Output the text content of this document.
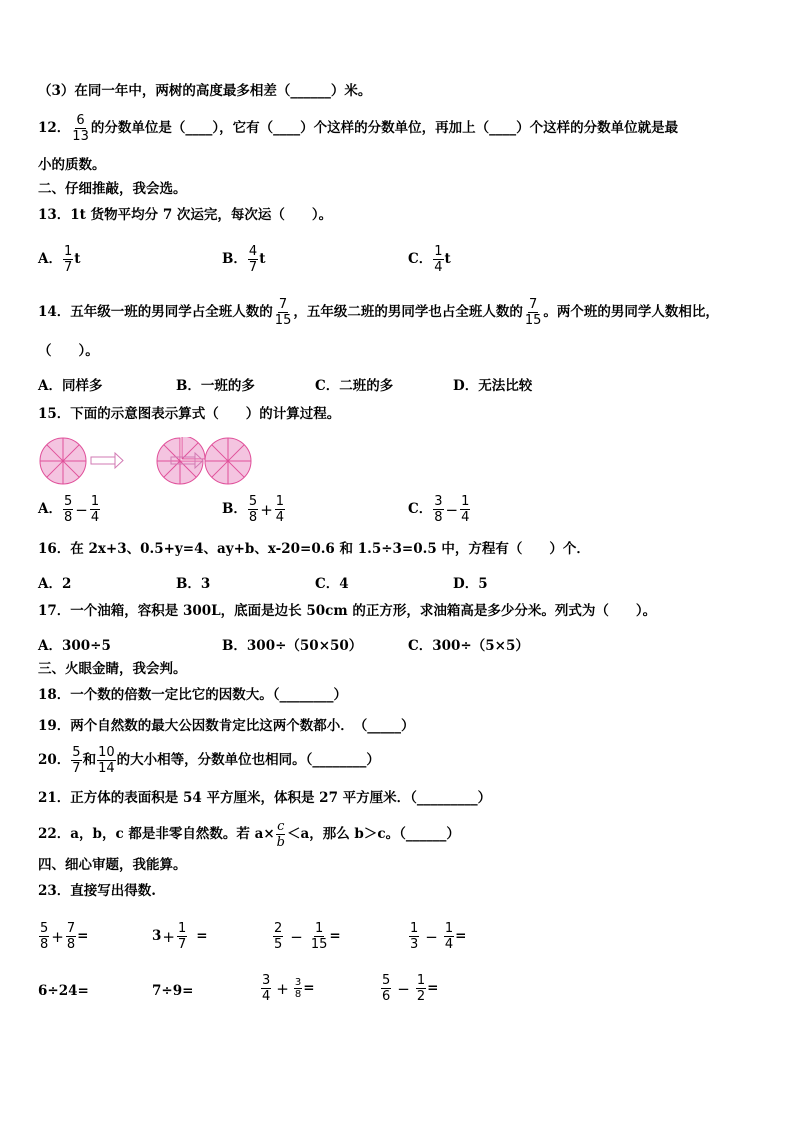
（3）在同一年中，两树的高度最多相差（______）米。
12． $\frac{6}{13}$ 的分数单位是（____），它有（____）个这样的分数单位，再加上（____）个这样的分数单位就是最
小的质数。
二、仔细推敲，我会选。
13．1t 货物平均分 7 次运完，每次运（　　）。
A． $\frac{1}{7}$ t	B． $\frac{4}{7}$ t	C． $\frac{1}{4}$ t
14．五年级一班的男同学占全班人数的 $\frac{7}{15}$ ，五年级二班的男同学也占全班人数的 $\frac{7}{15}$ 。两个班的男同学人数相比，
（　　）。
A．同样多	B．一班的多	C．二班的多	D．无法比较
15．下面的示意图表示算式（　　）的计算过程。
A． $\frac{5}{8} - \frac{1}{4}$	B． $\frac{5}{8} + \frac{1}{4}$	C． $\frac{3}{8} - \frac{1}{4}$
16．在 2x+3、0.5+y=4、ay+b、x-20=0.6 和 1.5÷3=0.5 中，方程有（　　）个．
A．2	B．3	C．4	D．5
17．一个油箱，容积是 300L，底面是边长 50cm 的正方形，求油箱高是多少分米。列式为（　　）。
A．300÷5	B．300÷（50×50）	C．300÷（5×5）
三、火眼金睛，我会判。
18．一个数的倍数一定比它的因数大。（________）
19．两个自然数的最大公因数肯定比这两个数都小．　（_____）
20． $\frac{5}{7}$ 和 $\frac{10}{14}$ 的大小相等，分数单位也相同。（________）
21．正方体的表面积是 54 平方厘米，体积是 27 平方厘米．（_________）
22．a，b，c 都是非零自然数。若 $a\times \frac{c}{b} <a$，那么 b＞c。（______）
四、细心审题，我能算。
23．直接写出得数.
$\frac{5}{8} + \frac{7}{8}$ =	$3+ \frac{1}{7}$ =	$\frac{2}{5} - \frac{1}{15}$ =	$\frac{1}{3} - \frac{1}{4}$ =
6÷24=	7÷9=	$\frac{3}{4} + \frac{3}{8}$ =	$\frac{5}{6} - \frac{1}{2}$ =
